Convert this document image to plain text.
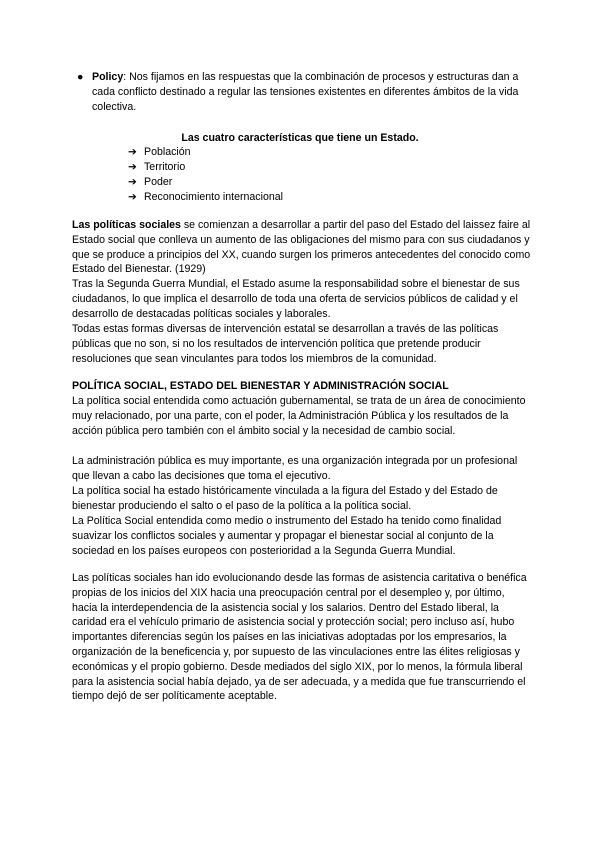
● Policy: Nos fijamos en las respuestas que la combinación de procesos y estructuras dan a cada conflicto destinado a regular las tensiones existentes en diferentes ámbitos de la vida colectiva.
Las cuatro características que tiene un Estado.
➔ Población
➔ Territorio
➔ Poder
➔ Reconocimiento internacional

Las políticas sociales se comienzan a desarrollar a partir del paso del Estado del laissez faire al Estado social que conlleva un aumento de las obligaciones del mismo para con sus ciudadanos y que se produce a principios del XX, cuando surgen los primeros antecedentes del conocido como Estado del Bienestar. (1929)

Tras la Segunda Guerra Mundial, el Estado asume la responsabilidad sobre el bienestar de sus ciudadanos, lo que implica el desarrollo de toda una oferta de servicios públicos de calidad y el desarrollo de destacadas políticas sociales y laborales.

Todas estas formas diversas de intervención estatal se desarrollan a través de las políticas públicas que no son, si no los resultados de intervención política que pretende producir resoluciones que sean vinculantes para todos los miembros de la comunidad.

POLÍTICA SOCIAL, ESTADO DEL BIENESTAR Y ADMINISTRACIÓN SOCIAL

La política social entendida como actuación gubernamental, se trata de un área de conocimiento muy relacionado, por una parte, con el poder, la Administración Pública y los resultados de la acción pública pero también con el ámbito social y la necesidad de cambio social.

La administración pública es muy importante, es una organización integrada por un profesional que llevan a cabo las decisiones que toma el ejecutivo.

La política social ha estado históricamente vinculada a la figura del Estado y del Estado de bienestar produciendo el salto o el paso de la política a la política social.

La Política Social entendida como medio o instrumento del Estado ha tenido como finalidad suavizar los conflictos sociales y aumentar y propagar el bienestar social al conjunto de la sociedad en los países europeos con posterioridad a la Segunda Guerra Mundial.

Las políticas sociales han ido evolucionando desde las formas de asistencia caritativa o benéfica propias de los inicios del XIX hacia una preocupación central por el desempleo y, por último, hacia la interdependencia de la asistencia social y los salarios. Dentro del Estado liberal, la caridad era el vehículo primario de asistencia social y protección social; pero incluso así, hubo importantes diferencias según los países en las iniciativas adoptadas por los empresarios, la organización de la beneficencia y, por supuesto de las vinculaciones entre las élites religiosas y económicas y el propio gobierno. Desde mediados del siglo XIX, por lo menos, la fórmula liberal para la asistencia social había dejado, ya de ser adecuada, y a medida que fue transcurriendo el tiempo dejó de ser políticamente aceptable.
